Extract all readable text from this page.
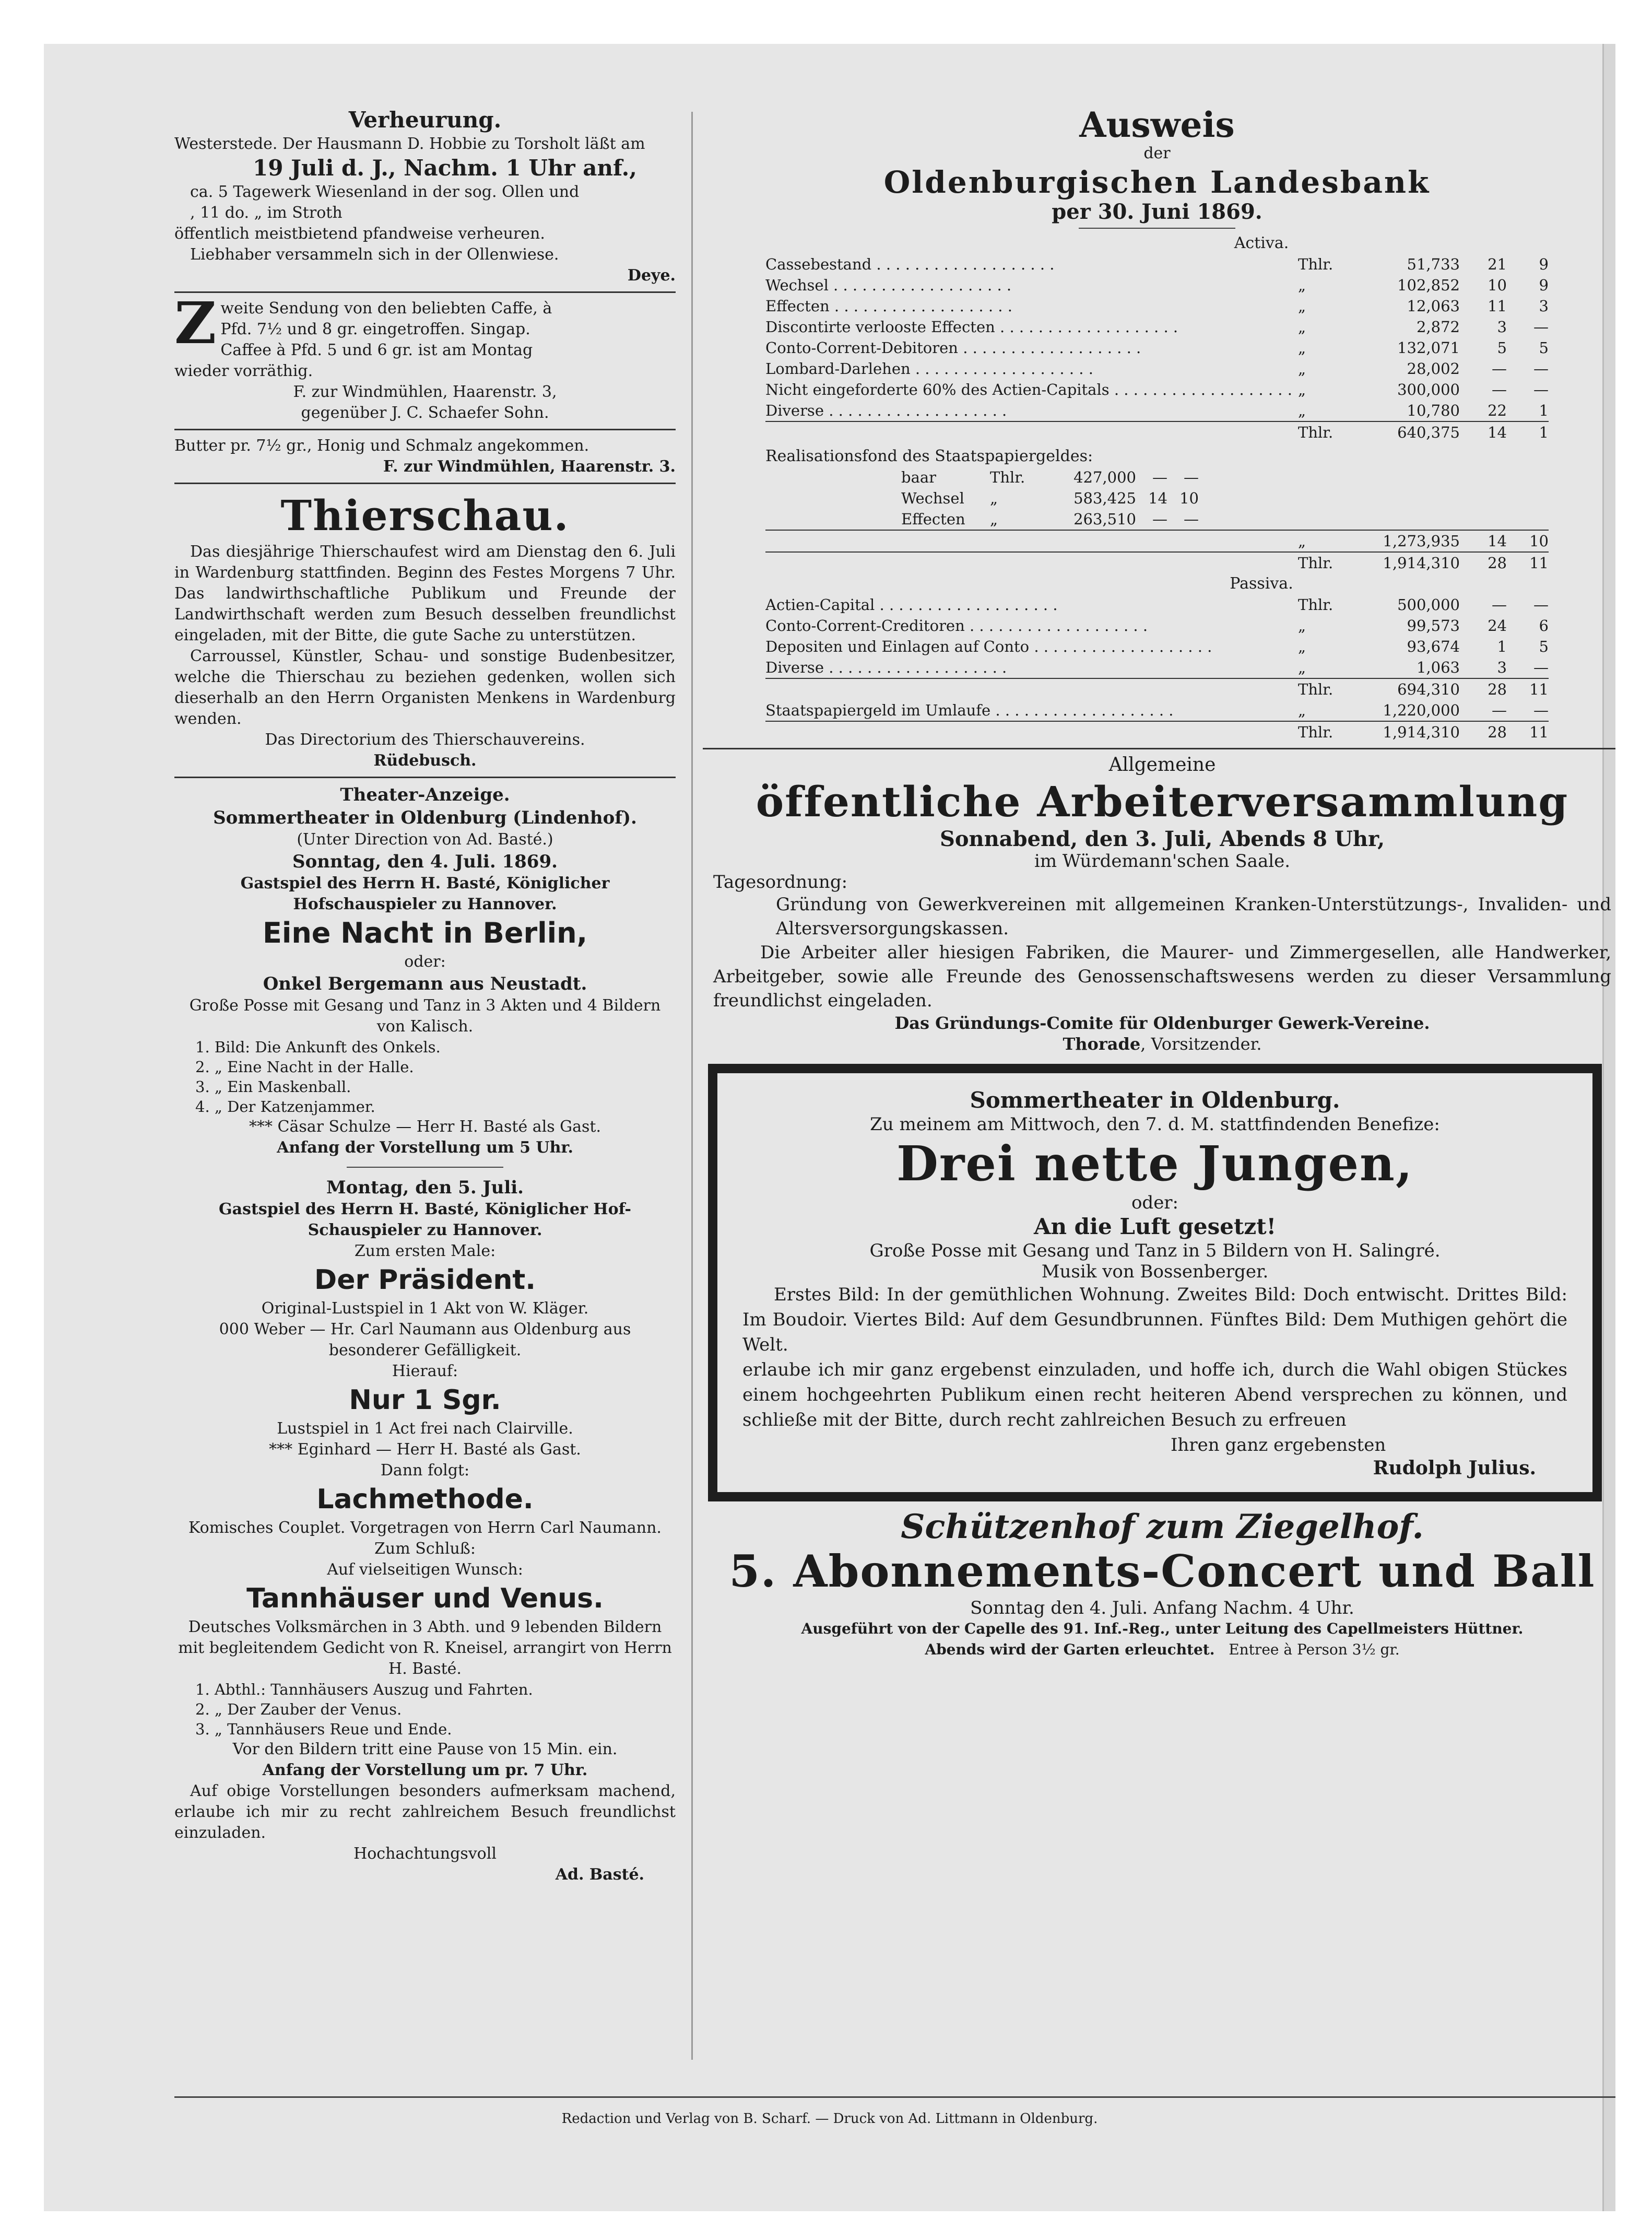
Verheurung.
Westerstede. Der Hausmann D. Hobbie zu Torsholt läßt am
19 Juli d. J., Nachm. 1 Uhr anf.,
ca. 5 Tagewerk Wiesenland in der sog. Ollen und
, 11 do. „ im Stroth
öffentlich meistbietend pfandweise verheuren.
Liebhaber versammeln sich in der Ollenwiese.
Deye.
Z weite Sendung von den beliebten Caffe, à
Pfd. 7½ und 8 gr. eingetroffen. Singap.
Caffee à Pfd. 5 und 6 gr. ist am Montag
wieder vorräthig.
F. zur Windmühlen, Haarenstr. 3,
gegenüber J. C. Schaefer Sohn.
Butter pr. 7½ gr., Honig und Schmalz angekommen.
F. zur Windmühlen, Haarenstr. 3.
Thierschau.
Das diesjährige Thierschaufest wird am Dienstag den 6. Juli in Wardenburg stattfinden. Beginn des Festes Morgens 7 Uhr. Das landwirthschaftliche Publikum und Freunde der Landwirthschaft werden zum Besuch desselben freundlichst eingeladen, mit der Bitte, die gute Sache zu unterstützen.
Carroussel, Künstler, Schau- und sonstige Budenbesitzer, welche die Thierschau zu beziehen gedenken, wollen sich dieserhalb an den Herrn Organisten Menkens in Wardenburg wenden.
Das Directorium des Thierschauvereins.
Rüdebusch.
Theater-Anzeige.
Sommertheater in Oldenburg (Lindenhof).
(Unter Direction von Ad. Basté.)
Sonntag, den 4. Juli. 1869.
Gastspiel des Herrn H. Basté, Königlicher Hofschauspieler zu Hannover.
Eine Nacht in Berlin,
oder:
Onkel Bergemann aus Neustadt.
Große Posse mit Gesang und Tanz in 3 Akten und 4 Bildern von Kalisch.
1. Bild: Die Ankunft des Onkels.
2. „ Eine Nacht in der Halle.
3. „ Ein Maskenball.
4. „ Der Katzenjammer.
*** Cäsar Schulze — Herr H. Basté als Gast.
Anfang der Vorstellung um 5 Uhr.
Montag, den 5. Juli.
Gastspiel des Herrn H. Basté, Königlicher Hof-Schauspieler zu Hannover.
Zum ersten Male:
Der Präsident.
Original-Lustspiel in 1 Akt von W. Kläger.
000 Weber — Hr. Carl Naumann aus Oldenburg aus besonderer Gefälligkeit.
Hierauf:
Nur 1 Sgr.
Lustspiel in 1 Act frei nach Clairville.
*** Eginhard — Herr H. Basté als Gast.
Dann folgt:
Lachmethode.
Komisches Couplet. Vorgetragen von Herrn Carl Naumann.
Zum Schluß:
Auf vielseitigen Wunsch:
Tannhäuser und Venus.
Deutsches Volksmärchen in 3 Abth. und 9 lebenden Bildern mit begleitendem Gedicht von R. Kneisel, arrangirt von Herrn H. Basté.
1. Abthl.: Tannhäusers Auszug und Fahrten.
2. „ Der Zauber der Venus.
3. „ Tannhäusers Reue und Ende.
Vor den Bildern tritt eine Pause von 15 Min. ein.
Anfang der Vorstellung um pr. 7 Uhr.
Auf obige Vorstellungen besonders aufmerksam machend, erlaube ich mir zu recht zahlreichem Besuch freundlichst einzuladen.
Hochachtungsvoll
Ad. Basté.
Ausweis
der
Oldenburgischen Landesbank
per 30. Juni 1869.
Activa.
Cassebestand . . . . . . . . . . . . . . . . . . .	Thlr.	51,733	21	9
Wechsel . . . . . . . . . . . . . . . . . . .	„	102,852	10	9
Effecten . . . . . . . . . . . . . . . . . . .	„	12,063	11	3
Discontirte verlooste Effecten . . . . . . . . . . . . . . . . . . .	„	2,872	3	—
Conto-Corrent-Debitoren . . . . . . . . . . . . . . . . . . .	„	132,071	5	5
Lombard-Darlehen . . . . . . . . . . . . . . . . . . .	„	28,002	—	—
Nicht eingeforderte 60% des Actien-Capitals . . . . . . . . . . . . . . . . . . . „	300,000	—	—
Diverse . . . . . . . . . . . . . . . . . . .	„	10,780	22	1
Thlr.	640,375	14	1
Realisationsfond des Staatspapiergeldes:
baar	Thlr.	427,000	—	—
Wechsel	„	583,425 14 10
Effecten	„	263,510	—	—
„	1,273,935	14	10
Thlr.	1,914,310	28	11
Passiva.
Actien-Capital . . . . . . . . . . . . . . . . . . .	Thlr.	500,000	—	—
Conto-Corrent-Creditoren . . . . . . . . . . . . . . . . . . .	„	99,573	24	6
Depositen und Einlagen auf Conto . . . . . . . . . . . . . . . . . . .	„	93,674	1	5
Diverse . . . . . . . . . . . . . . . . . . .	„	1,063	3	—
Thlr.	694,310	28	11
Staatspapiergeld im Umlaufe . . . . . . . . . . . . . . . . . . .	„	1,220,000	—	—
Thlr.	1,914,310	28	11
Allgemeine
öffentliche Arbeiterversammlung
Sonnabend, den 3. Juli, Abends 8 Uhr,
im Würdemann'schen Saale.
Tagesordnung:
Gründung von Gewerkvereinen mit allgemeinen Kranken-Unterstützungs-, Invaliden- und Altersversorgungskassen.
Die Arbeiter aller hiesigen Fabriken, die Maurer- und Zimmergesellen, alle Handwerker, Arbeitgeber, sowie alle Freunde des Genossenschaftswesens werden zu dieser Versammlung freundlichst eingeladen.
Das Gründungs-Comite für Oldenburger Gewerk-Vereine.
Thorade, Vorsitzender.
Sommertheater in Oldenburg.
Zu meinem am Mittwoch, den 7. d. M. stattfindenden Benefize:
Drei nette Jungen,
oder:
An die Luft gesetzt!
Große Posse mit Gesang und Tanz in 5 Bildern von H. Salingré.
Musik von Bossenberger.
Erstes Bild: In der gemüthlichen Wohnung. Zweites Bild: Doch entwischt. Drittes Bild: Im Boudoir. Viertes Bild: Auf dem Gesundbrunnen. Fünftes Bild: Dem Muthigen gehört die Welt.
erlaube ich mir ganz ergebenst einzuladen, und hoffe ich, durch die Wahl obigen Stückes einem hochgeehrten Publikum einen recht heiteren Abend versprechen zu können, und schließe mit der Bitte, durch recht zahlreichen Besuch zu erfreuen
Ihren ganz ergebensten
Rudolph Julius.
Schützenhof zum Ziegelhof.
5. Abonnements-Concert und Ball
Sonntag den 4. Juli. Anfang Nachm. 4 Uhr.
Ausgeführt von der Capelle des 91. Inf.-Reg., unter Leitung des Capellmeisters Hüttner.
Abends wird der Garten erleuchtet. Entree à Person 3½ gr.
Redaction und Verlag von B. Scharf. — Druck von Ad. Littmann in Oldenburg.
